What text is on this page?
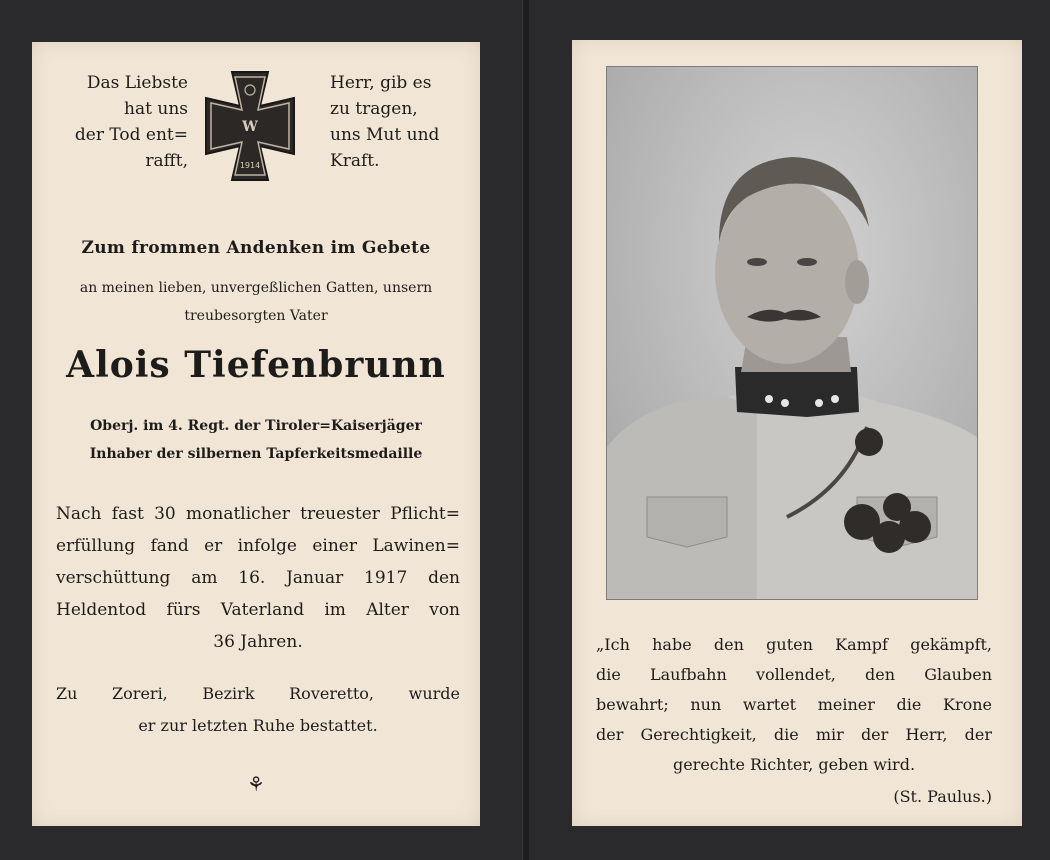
Das Liebste
hat uns
der Tod ent=
rafft,
W
1914
Herr, gib es
zu tragen,
uns Mut und
Kraft.
Zum frommen Andenken im Gebete
an meinen lieben, unvergeßlichen Gatten, unsern
treubesorgten Vater
Alois Tiefenbrunn
Oberj. im 4. Regt. der Tiroler=Kaiserjäger
Inhaber der silbernen Tapferkeitsmedaille
Nach fast 30 monatlicher treuester Pflicht=
erfüllung fand er infolge einer Lawinen=
verschüttung am 16. Januar 1917 den
Heldentod fürs Vaterland im Alter von
36 Jahren.
Zu Zoreri, Bezirk Roveretto, wurde
er zur letzten Ruhe bestattet.
⚘
„Ich habe den guten Kampf gekämpft,
die Laufbahn vollendet, den Glauben
bewahrt; nun wartet meiner die Krone
der Gerechtigkeit, die mir der Herr, der
gerechte Richter, geben wird.
(St. Paulus.)
